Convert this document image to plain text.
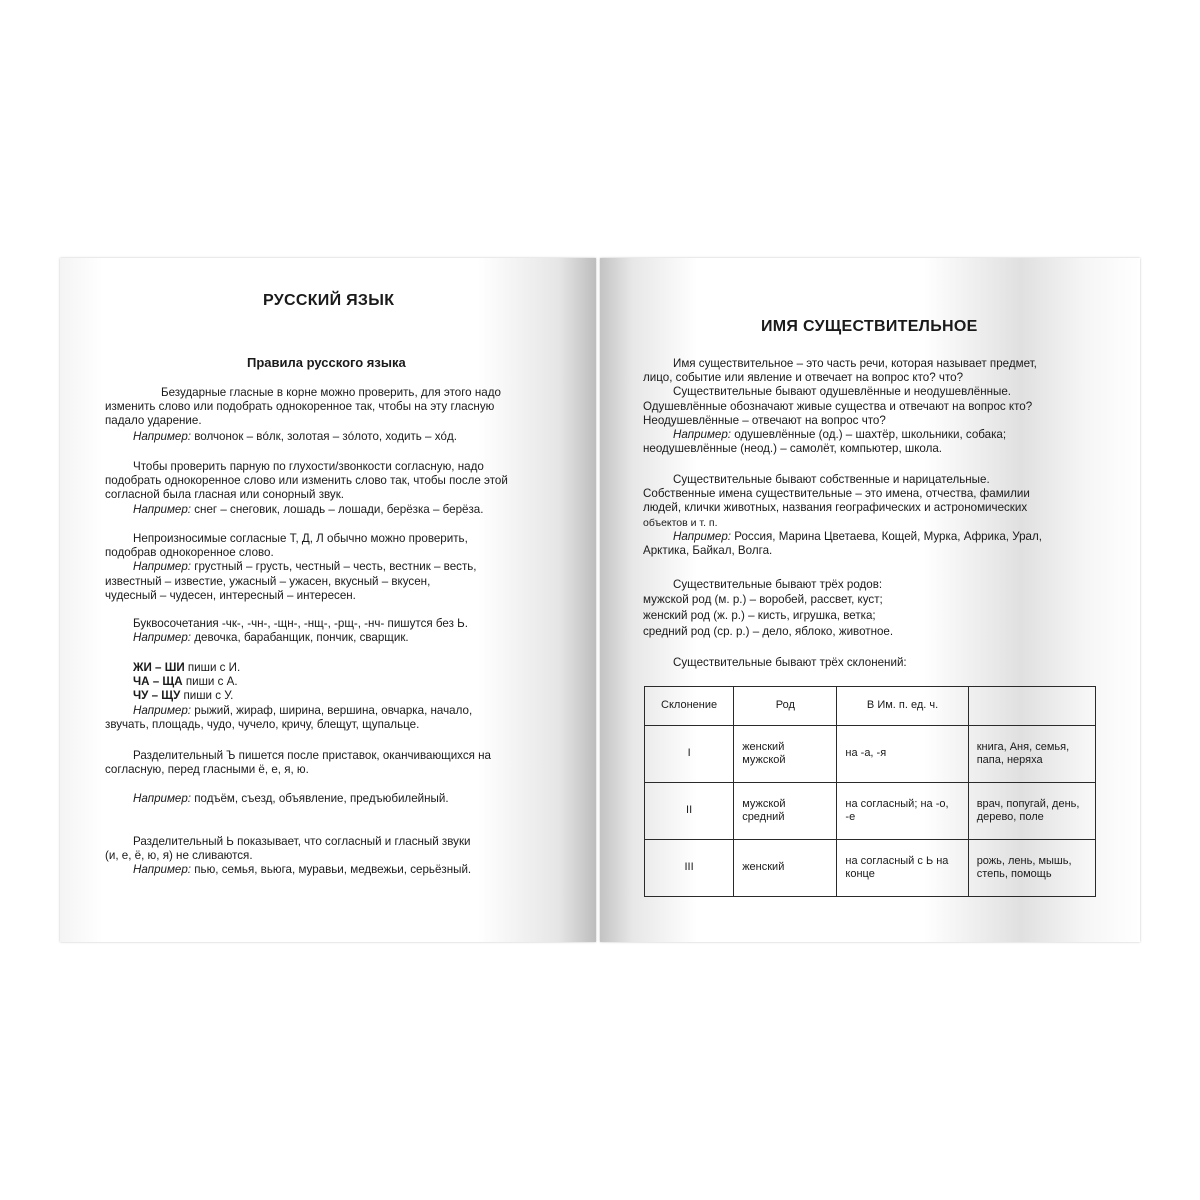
РУССКИЙ ЯЗЫК
Правила русского языка
Безударные гласные в корне можно проверить, для этого надо
изменить слово или подобрать однокоренное так, чтобы на эту гласную
падало ударение.
Например: волчонок – вóлк, золотая – зóлото, ходить – хóд.
Чтобы проверить парную по глухости/звонкости согласную, надо
подобрать однокоренное слово или изменить слово так, чтобы после этой
согласной была гласная или сонорный звук.
Например: снег – снеговик, лошадь – лошади, берёзка – берёза.
Непроизносимые согласные Т, Д, Л обычно можно проверить,
подобрав однокоренное слово.
Например: грустный – грусть, честный – честь, вестник – весть,
известный – известие, ужасный – ужасен, вкусный – вкусен,
чудесный – чудесен, интересный – интересен.
Буквосочетания -чк-, -чн-, -щн-, -нщ-, -рщ-, -нч- пишутся без Ь.
Например: девочка, барабанщик, пончик, сварщик.
ЖИ – ШИ пиши с И.
ЧА – ЩА пиши с А.
ЧУ – ЩУ пиши с У.
Например: рыжий, жираф, ширина, вершина, овчарка, начало,
звучать, площадь, чудо, чучело, кричу, блещут, щупальце.
Разделительный Ъ пишется после приставок, оканчивающихся на
согласную, перед гласными ё, е, я, ю.
Например: подъём, съезд, объявление, предъюбилейный.
Разделительный Ь показывает, что согласный и гласный звуки
(и, е, ё, ю, я) не сливаются.
Например: пью, семья, вьюга, муравьи, медвежьи, серьёзный.
ИМЯ СУЩЕСТВИТЕЛЬНОЕ
Имя существительное – это часть речи, которая называет предмет,
лицо, событие или явление и отвечает на вопрос кто? что?
Существительные бывают одушевлённые и неодушевлённые.
Одушевлённые обозначают живые существа и отвечают на вопрос кто?
Неодушевлённые – отвечают на вопрос что?
Например: одушевлённые (од.) – шахтёр, школьники, собака;
неодушевлённые (неод.) – самолёт, компьютер, школа.
Существительные бывают собственные и нарицательные.
Собственные имена существительные – это имена, отчества, фамилии
людей, клички животных, названия географических и астрономических
объектов и т. п.
Например: Россия, Марина Цветаева, Кощей, Мурка, Африка, Урал,
Арктика, Байкал, Волга.
Существительные бывают трёх родов:
мужской род (м. р.) – воробей, рассвет, куст;
женский род (ж. р.) – кисть, игрушка, ветка;
средний род (ср. р.) – дело, яблоко, животное.
Существительные бывают трёх склонений:
Склонение	Род	В Им. п. ед. ч.	
I	женский мужской	на -а, -я	книга, Аня, семья, папа, неряха
II	мужской средний	на согласный; на -о, -е	врач, попугай, день, дерево, поле
III	женский	на согласный с Ь на конце	рожь, лень, мышь, степь, помощь
